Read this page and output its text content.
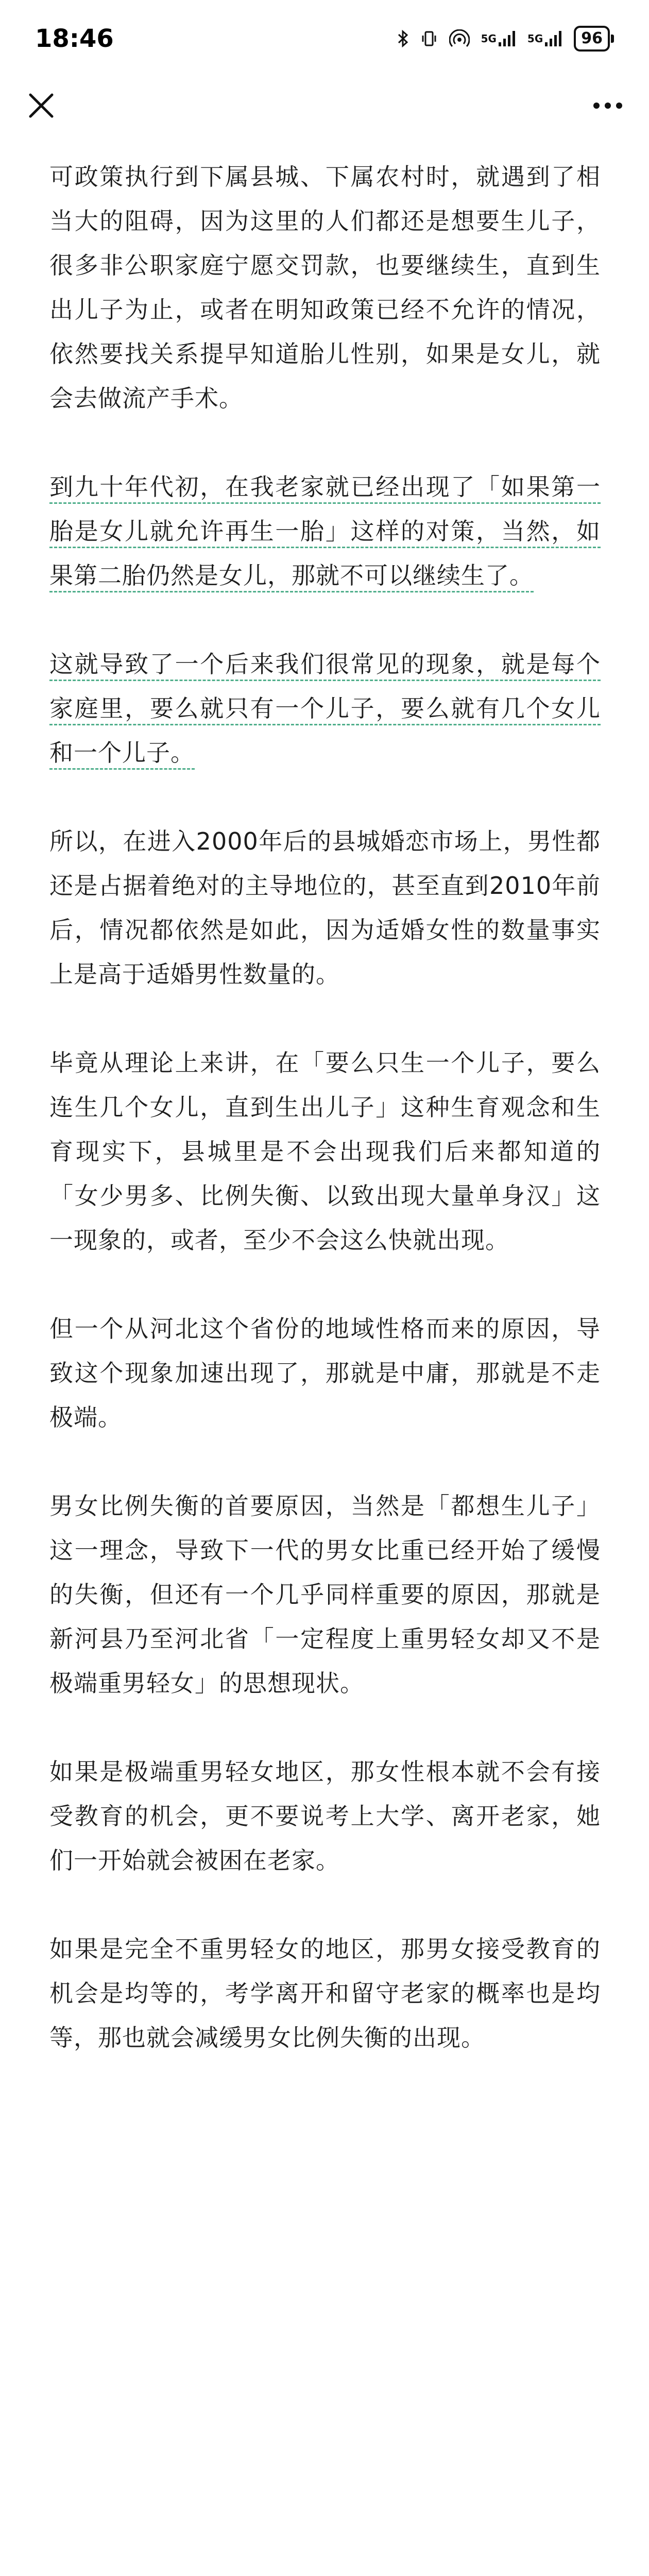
18:46	5G	5G	96

可政策执行到下属县城、下属农村时，就遇到了相当大的阻碍，因为这里的人们都还是想要生儿子，很多非公职家庭宁愿交罚款，也要继续生，直到生出儿子为止，或者在明知政策已经不允许的情况，依然要找关系提早知道胎儿性别，如果是女儿，就会去做流产手术。

到九十年代初，在我老家就已经出现了「如果第一胎是女儿就允许再生一胎」这样的对策，当然，如果第二胎仍然是女儿，那就不可以继续生了。

这就导致了一个后来我们很常见的现象，就是每个家庭里，要么就只有一个儿子，要么就有几个女儿和一个儿子。

所以，在进入2000年后的县城婚恋市场上，男性都还是占据着绝对的主导地位的，甚至直到2010年前后，情况都依然是如此，因为适婚女性的数量事实上是高于适婚男性数量的。

毕竟从理论上来讲，在「要么只生一个儿子，要么连生几个女儿，直到生出儿子」这种生育观念和生育现实下，县城里是不会出现我们后来都知道的「女少男多、比例失衡、以致出现大量单身汉」这一现象的，或者，至少不会这么快就出现。

但一个从河北这个省份的地域性格而来的原因，导致这个现象加速出现了，那就是中庸，那就是不走极端。

男女比例失衡的首要原因，当然是「都想生儿子」这一理念，导致下一代的男女比重已经开始了缓慢的失衡，但还有一个几乎同样重要的原因，那就是新河县乃至河北省「一定程度上重男轻女却又不是极端重男轻女」的思想现状。

如果是极端重男轻女地区，那女性根本就不会有接受教育的机会，更不要说考上大学、离开老家，她们一开始就会被困在老家。

如果是完全不重男轻女的地区，那男女接受教育的机会是均等的，考学离开和留守老家的概率也是均等，那也就会减缓男女比例失衡的出现。
